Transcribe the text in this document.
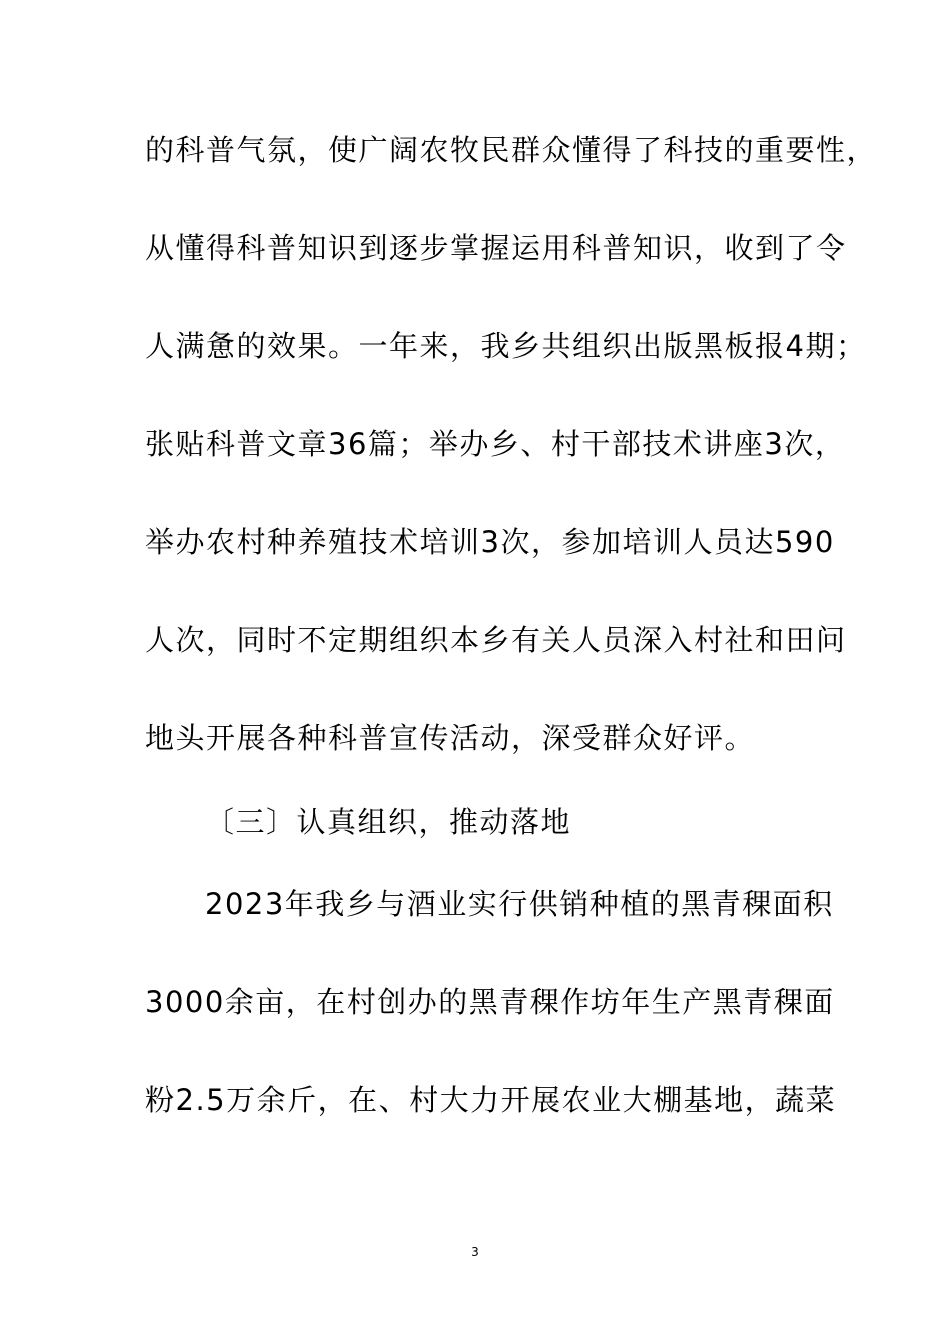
的科普气氛，使广阔农牧民群众懂得了科技的重要性，
从懂得科普知识到逐步掌握运用科普知识，收到了令
人满惫的效果。一年来，我乡共组织出版黑板报4期；
张贴科普文章36篇；举办乡、村干部技术讲座3次，
举办农村种养殖技术培训3次，参加培训人员达590
人次，同时不定期组织本乡有关人员深入村社和田问
地头开展各种科普宣传活动，深受群众好评。
〔三〕认真组织，推动落地
2023年我乡与酒业实行供销种植的黑青稞面积
3000余亩，在村创办的黑青稞作坊年生产黑青稞面
粉2.5万余斤，在、村大力开展农业大棚基地，蔬菜
3
